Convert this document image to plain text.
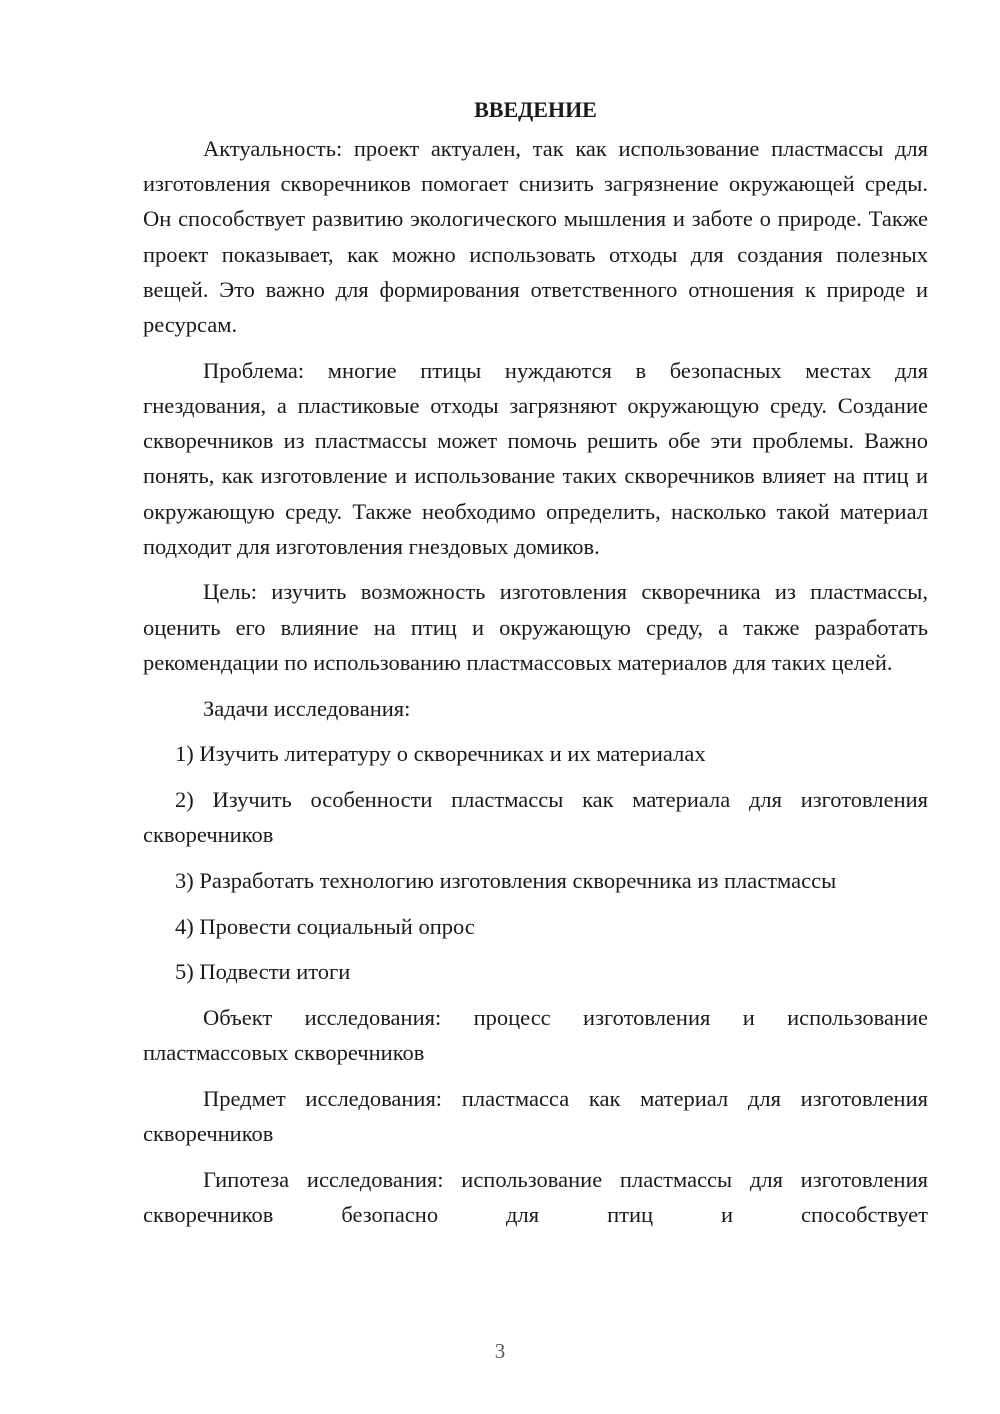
ВВЕДЕНИЕ

Актуальность: проект актуален, так как использование пластмассы для изготовления скворечников помогает снизить загрязнение окружающей среды. Он способствует развитию экологического мышления и заботе о природе. Также проект показывает, как можно использовать отходы для создания полезных вещей. Это важно для формирования ответственного отношения к природе и ресурсам.

Проблема: многие птицы нуждаются в безопасных местах для гнездования, а пластиковые отходы загрязняют окружающую среду. Создание скворечников из пластмассы может помочь решить обе эти проблемы. Важно понять, как изготовление и использование таких скворечников влияет на птиц и окружающую среду. Также необходимо определить, насколько такой материал подходит для изготовления гнездовых домиков.

Цель: изучить возможность изготовления скворечника из пластмассы, оценить его влияние на птиц и окружающую среду, а также разработать рекомендации по использованию пластмассовых материалов для таких целей.

Задачи исследования:

1) Изучить литературу о скворечниках и их материалах

2) Изучить особенности пластмассы как материала для изготовления скворечников

3) Разработать технологию изготовления скворечника из пластмассы

4) Провести социальный опрос

5) Подвести итоги

Объект исследования: процесс изготовления и использование пластмассовых скворечников

Предмет исследования: пластмасса как материал для изготовления скворечников

Гипотеза исследования: использование пластмассы для изготовления скворечников безопасно для птиц и способствует

3
